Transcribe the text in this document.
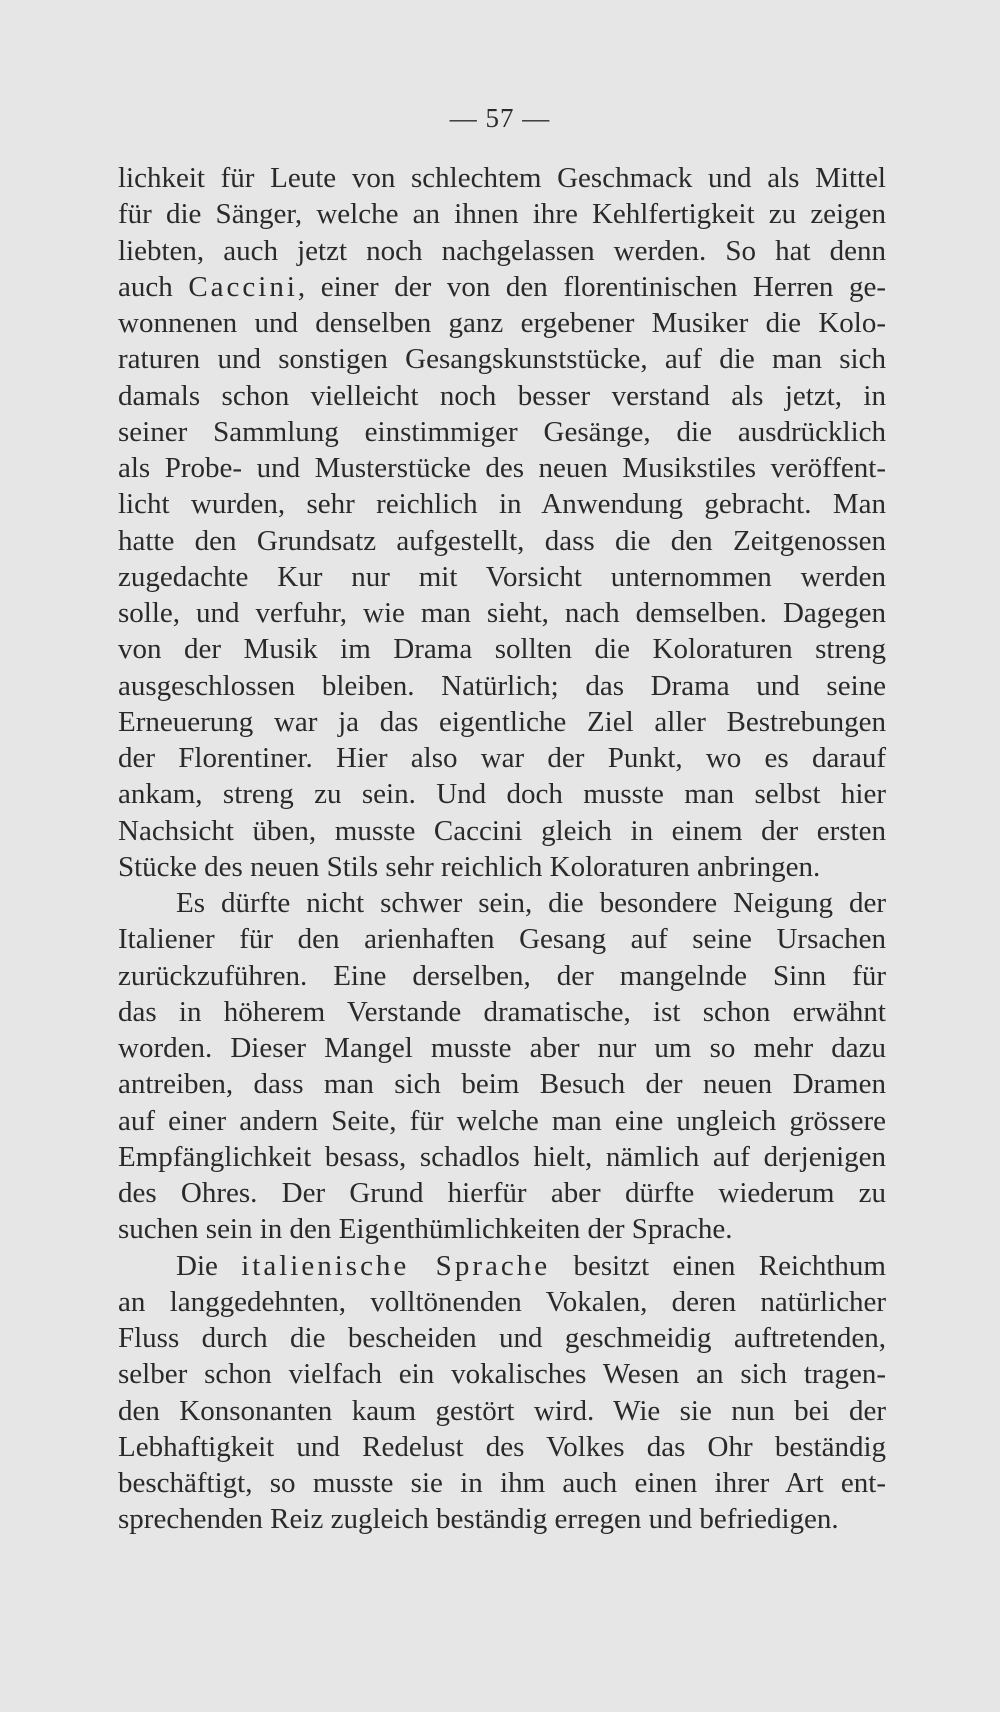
— 57 —
lichkeit für Leute von schlechtem Geschmack und als Mittel
für die Sänger, welche an ihnen ihre Kehlfertigkeit zu zeigen
liebten, auch jetzt noch nachgelassen werden. So hat denn
auch Caccini, einer der von den florentinischen Herren ge-
wonnenen und denselben ganz ergebener Musiker die Kolo-
raturen und sonstigen Gesangskunststücke, auf die man sich
damals schon vielleicht noch besser verstand als jetzt, in
seiner Sammlung einstimmiger Gesänge, die ausdrücklich
als Probe- und Musterstücke des neuen Musikstiles veröffent-
licht wurden, sehr reichlich in Anwendung gebracht. Man
hatte den Grundsatz aufgestellt, dass die den Zeitgenossen
zugedachte Kur nur mit Vorsicht unternommen werden
solle, und verfuhr, wie man sieht, nach demselben. Dagegen
von der Musik im Drama sollten die Koloraturen streng
ausgeschlossen bleiben. Natürlich; das Drama und seine
Erneuerung war ja das eigentliche Ziel aller Bestrebungen
der Florentiner. Hier also war der Punkt, wo es darauf
ankam, streng zu sein. Und doch musste man selbst hier
Nachsicht üben, musste Caccini gleich in einem der ersten
Stücke des neuen Stils sehr reichlich Koloraturen anbringen.
Es dürfte nicht schwer sein, die besondere Neigung der
Italiener für den arienhaften Gesang auf seine Ursachen
zurückzuführen. Eine derselben, der mangelnde Sinn für
das in höherem Verstande dramatische, ist schon erwähnt
worden. Dieser Mangel musste aber nur um so mehr dazu
antreiben, dass man sich beim Besuch der neuen Dramen
auf einer andern Seite, für welche man eine ungleich grössere
Empfänglichkeit besass, schadlos hielt, nämlich auf derjenigen
des Ohres. Der Grund hierfür aber dürfte wiederum zu
suchen sein in den Eigenthümlichkeiten der Sprache.
Die italienische Sprache besitzt einen Reichthum
an langgedehnten, volltönenden Vokalen, deren natürlicher
Fluss durch die bescheiden und geschmeidig auftretenden,
selber schon vielfach ein vokalisches Wesen an sich tragen-
den Konsonanten kaum gestört wird. Wie sie nun bei der
Lebhaftigkeit und Redelust des Volkes das Ohr beständig
beschäftigt, so musste sie in ihm auch einen ihrer Art ent-
sprechenden Reiz zugleich beständig erregen und befriedigen.
